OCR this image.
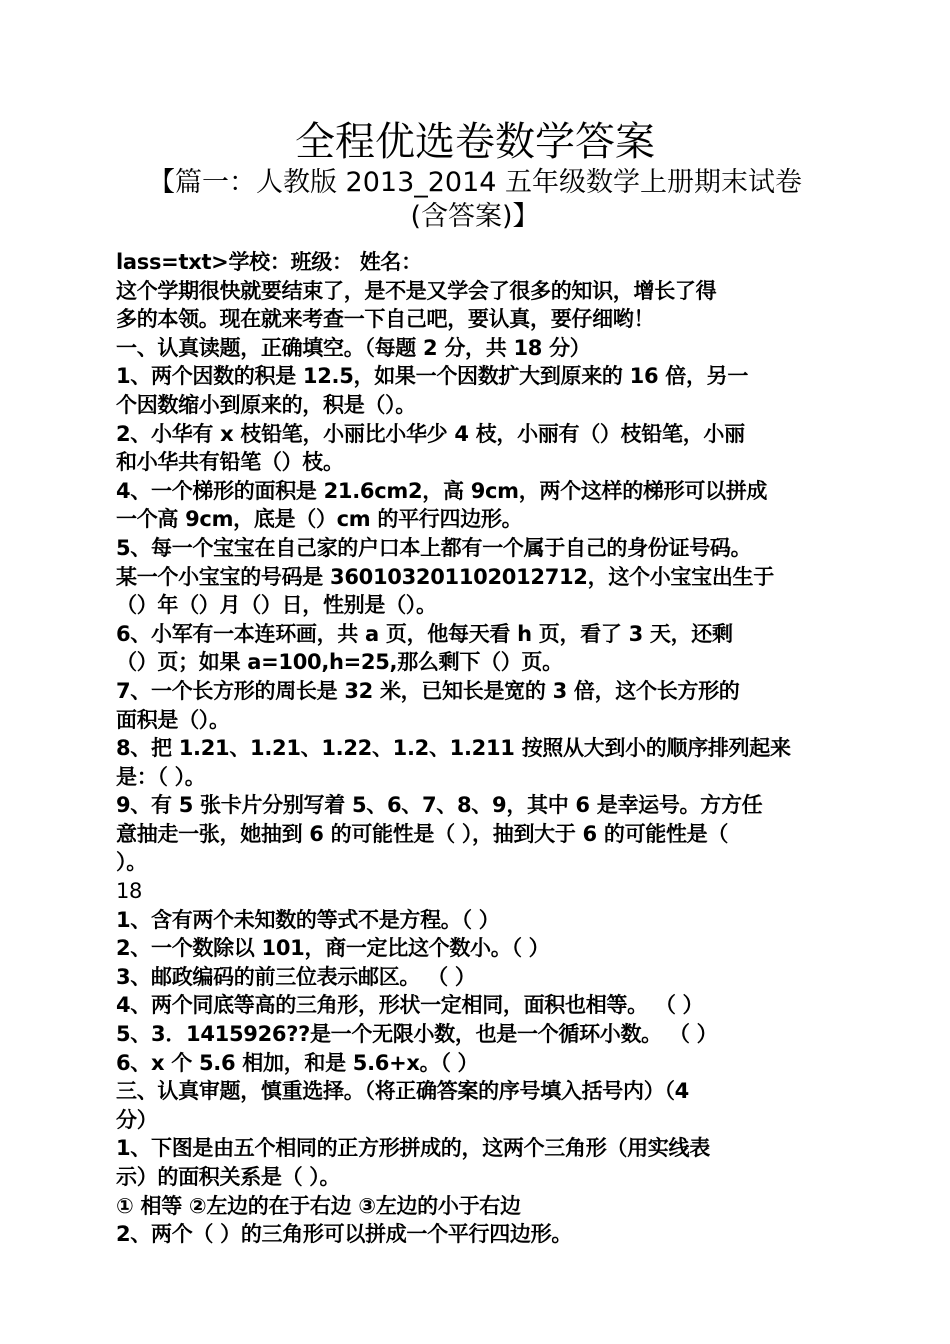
全程优选卷数学答案
【篇一：人教版 2013_2014 五年级数学上册期末试卷
(含答案)】
lass=txt>学校：班级： 姓名：
这个学期很快就要结束了，是不是又学会了很多的知识，增长了得
多的本领。现在就来考查一下自己吧，要认真，要仔细哟！
一、认真读题，正确填空。（每题 2 分，共 18 分）
1、两个因数的积是 12.5，如果一个因数扩大到原来的 16 倍，另一
个因数缩小到原来的，积是（）。
2、小华有 x 枝铅笔，小丽比小华少 4 枝，小丽有（）枝铅笔，小丽
和小华共有铅笔（）枝。
4、一个梯形的面积是 21.6cm2，高 9cm，两个这样的梯形可以拼成
一个高 9cm，底是（）cm 的平行四边形。
5、每一个宝宝在自己家的户口本上都有一个属于自己的身份证号码。
某一个小宝宝的号码是 360103201102012712，这个小宝宝出生于
（）年（）月（）日，性别是（）。
6、小军有一本连环画，共 a 页，他每天看 h 页，看了 3 天，还剩
（）页；如果 a=100,h=25,那么剩下（）页。
7、一个长方形的周长是 32 米，已知长是宽的 3 倍，这个长方形的
面积是（）。
8、把 1.21、1.21、1.22、1.2、1.211 按照从大到小的顺序排列起来
是：（ ）。
9、有 5 张卡片分别写着 5、6、7、8、9，其中 6 是幸运号。方方任
意抽走一张，她抽到 6 的可能性是（ ），抽到大于 6 的可能性是（
）。
18
1、含有两个未知数的等式不是方程。（ ）
2、一个数除以 101，商一定比这个数小。（ ）
3、邮政编码的前三位表示邮区。 （ ）
4、两个同底等高的三角形，形状一定相同，面积也相等。 （ ）
5、3．1415926??是一个无限小数，也是一个循环小数。 （ ）
6、x 个 5.6 相加，和是 5.6+x。（ ）
三、认真审题，慎重选择。（将正确答案的序号填入括号内）（4
分）
1、下图是由五个相同的正方形拼成的，这两个三角形（用实线表
示）的面积关系是（ ）。
① 相等 ②左边的在于右边 ③左边的小于右边
2、两个（ ）的三角形可以拼成一个平行四边形。
